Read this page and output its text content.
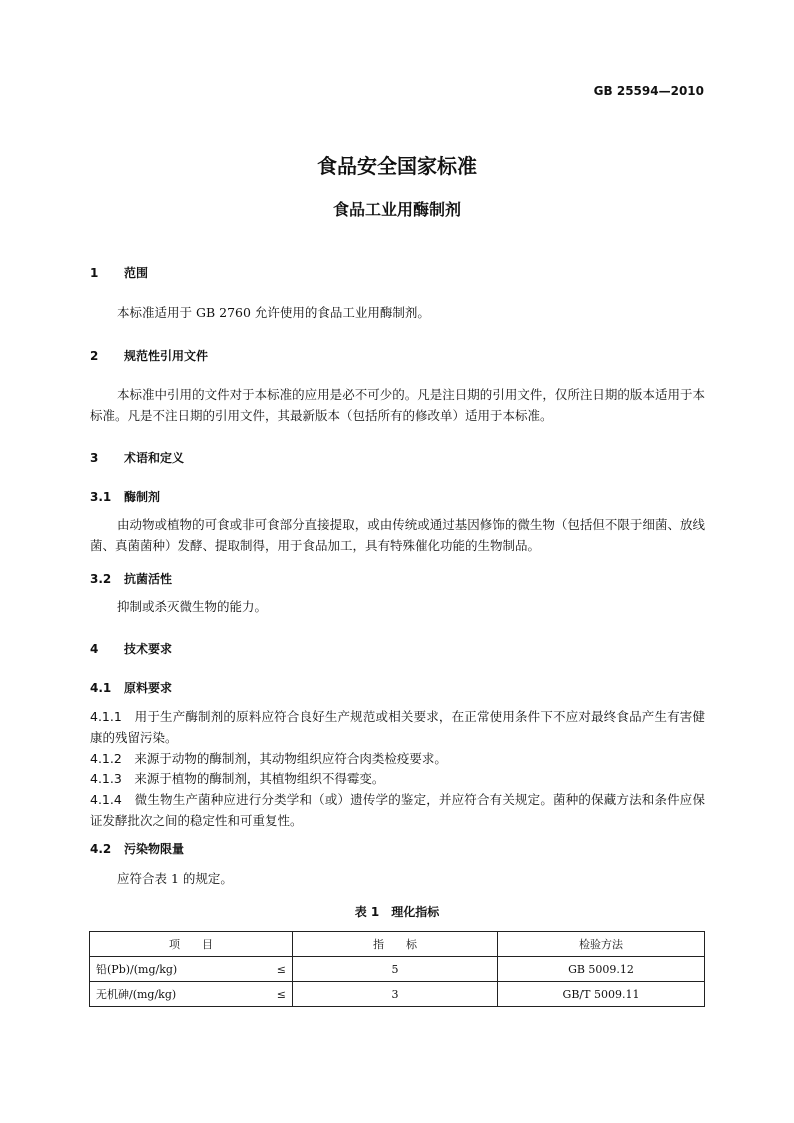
GB 25594—2010
食品安全国家标准
食品工业用酶制剂
1 范围
本标准适用于 GB 2760 允许使用的食品工业用酶制剂。
2 规范性引用文件
本标准中引用的文件对于本标准的应用是必不可少的。凡是注日期的引用文件，仅所注日期的版本适用于本标准。凡是不注日期的引用文件，其最新版本（包括所有的修改单）适用于本标准。
3 术语和定义
3.1 酶制剂
由动物或植物的可食或非可食部分直接提取，或由传统或通过基因修饰的微生物（包括但不限于细菌、放线菌、真菌菌种）发酵、提取制得，用于食品加工，具有特殊催化功能的生物制品。
3.2 抗菌活性
抑制或杀灭微生物的能力。
4 技术要求
4.1 原料要求
4.1.1　 用于生产酶制剂的原料应符合良好生产规范或相关要求，在正常使用条件下不应对最终食品产生有害健康的残留污染。
4.1.2　 来源于动物的酶制剂，其动物组织应符合肉类检疫要求。
4.1.3　 来源于植物的酶制剂，其植物组织不得霉变。
4.1.4　 微生物生产菌种应进行分类学和（或）遗传学的鉴定，并应符合有关规定。菌种的保藏方法和条件应保证发酵批次之间的稳定性和可重复性。
4.2 污染物限量
应符合表 1 的规定。
表 1　理化指标
项　　目	指　　标	检验方法

铅(Pb)/(mg/kg) ≤	5	GB 5009.12

无机砷/(mg/kg) ≤	3	GB/T 5009.11
